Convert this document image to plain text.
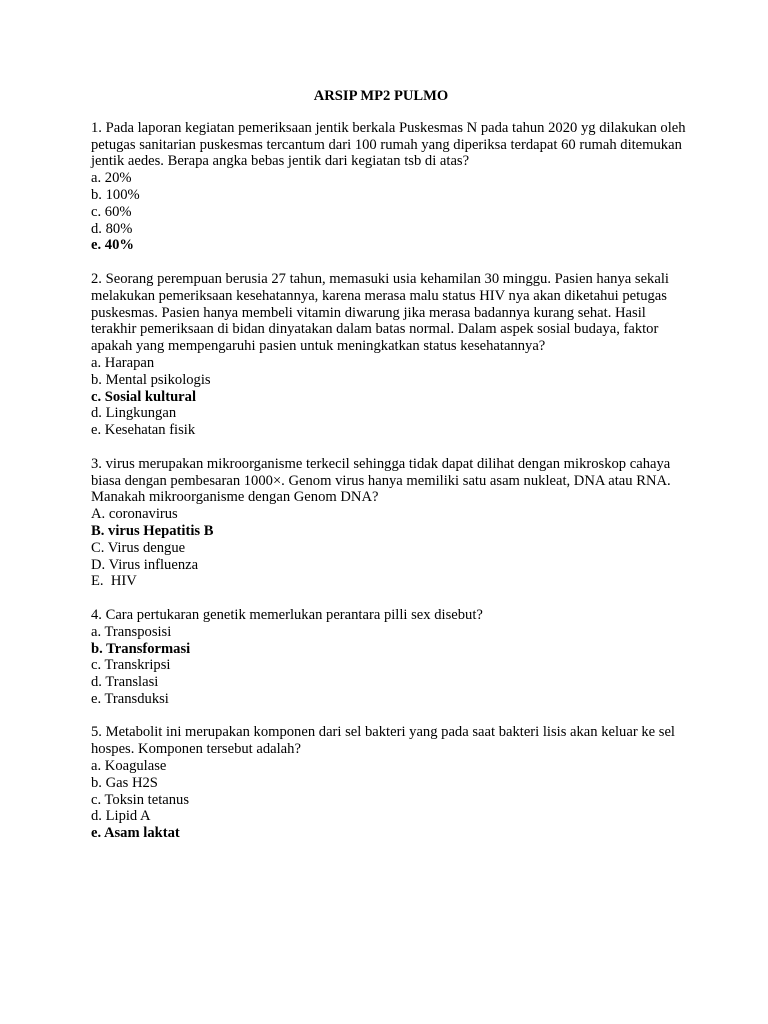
ARSIP MP2 PULMO

1. Pada laporan kegiatan pemeriksaan jentik berkala Puskesmas N pada tahun 2020 yg dilakukan oleh petugas sanitarian puskesmas tercantum dari 100 rumah yang diperiksa terdapat 60 rumah ditemukan jentik aedes. Berapa angka bebas jentik dari kegiatan tsb di atas?

a. 20%

b. 100%

c. 60%

d. 80%

e. 40%

2. Seorang perempuan berusia 27 tahun, memasuki usia kehamilan 30 minggu. Pasien hanya sekali melakukan pemeriksaan kesehatannya, karena merasa malu status HIV nya akan diketahui petugas puskesmas. Pasien hanya membeli vitamin diwarung jika merasa badannya kurang sehat. Hasil terakhir pemeriksaan di bidan dinyatakan dalam batas normal. Dalam aspek sosial budaya, faktor apakah yang mempengaruhi pasien untuk meningkatkan status kesehatannya?

a. Harapan

b. Mental psikologis

c. Sosial kultural

d. Lingkungan

e. Kesehatan fisik

3. virus merupakan mikroorganisme terkecil sehingga tidak dapat dilihat dengan mikroskop cahaya biasa dengan pembesaran 1000×. Genom virus hanya memiliki satu asam nukleat, DNA atau RNA. Manakah mikroorganisme dengan Genom DNA?

A. coronavirus

B. virus Hepatitis B

C. Virus dengue

D. Virus influenza

E.  HIV

4. Cara pertukaran genetik memerlukan perantara pilli sex disebut?

a. Transposisi

b. Transformasi

c. Transkripsi

d. Translasi

e. Transduksi

5. Metabolit ini merupakan komponen dari sel bakteri yang pada saat bakteri lisis akan keluar ke sel hospes. Komponen tersebut adalah?

a. Koagulase

b. Gas H2S

c. Toksin tetanus

d. Lipid A

e. Asam laktat
